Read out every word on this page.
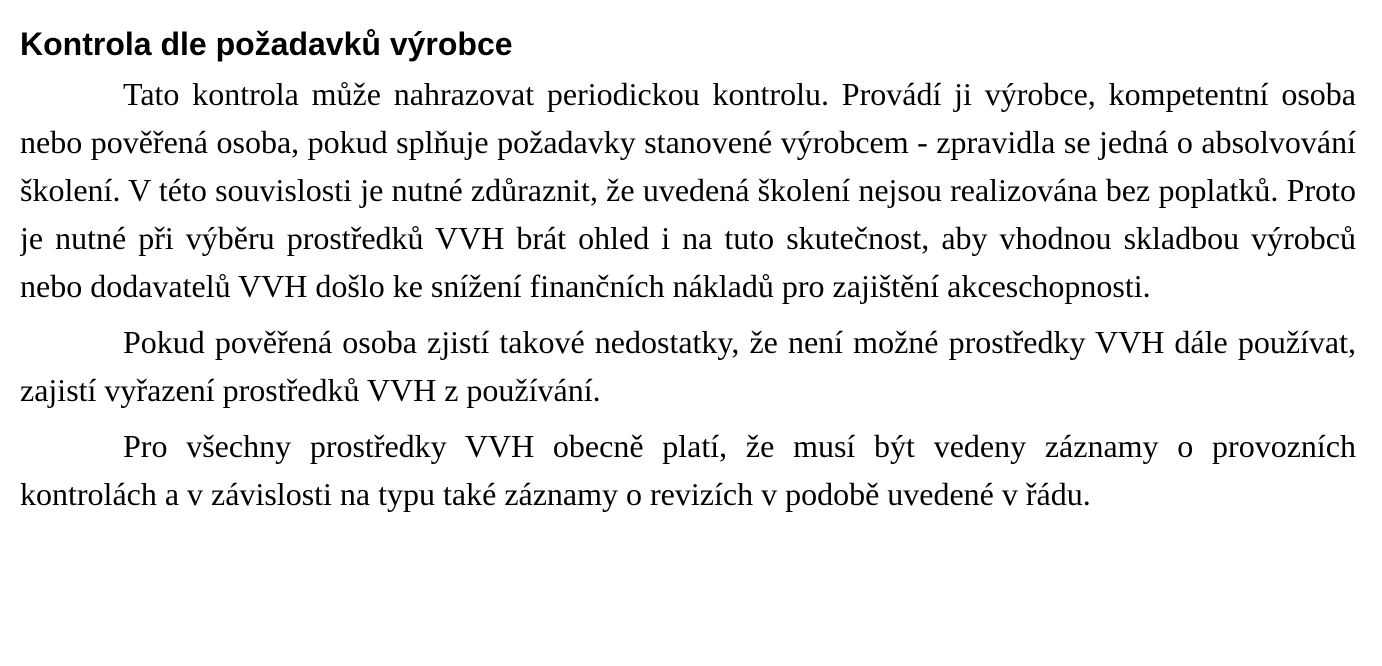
Kontrola dle požadavků výrobce

Tato kontrola může nahrazovat periodickou kontrolu. Provádí ji výrobce, kompetentní osoba nebo pověřená osoba, pokud splňuje požadavky stanovené výrobcem - zpravidla se jedná o absolvování školení. V této souvislosti je nutné zdůraznit, že uvedená školení nejsou realizována bez poplatků. Proto je nutné při výběru prostředků VVH brát ohled i na tuto skutečnost, aby vhodnou skladbou výrobců nebo dodavatelů VVH došlo ke snížení finančních nákladů pro zajištění akceschopnosti.

Pokud pověřená osoba zjistí takové nedostatky, že není možné prostředky VVH dále používat, zajistí vyřazení prostředků VVH z používání.

Pro všechny prostředky VVH obecně platí, že musí být vedeny záznamy o provozních kontrolách a v závislosti na typu také záznamy o revizích v podobě uvedené v řádu.
